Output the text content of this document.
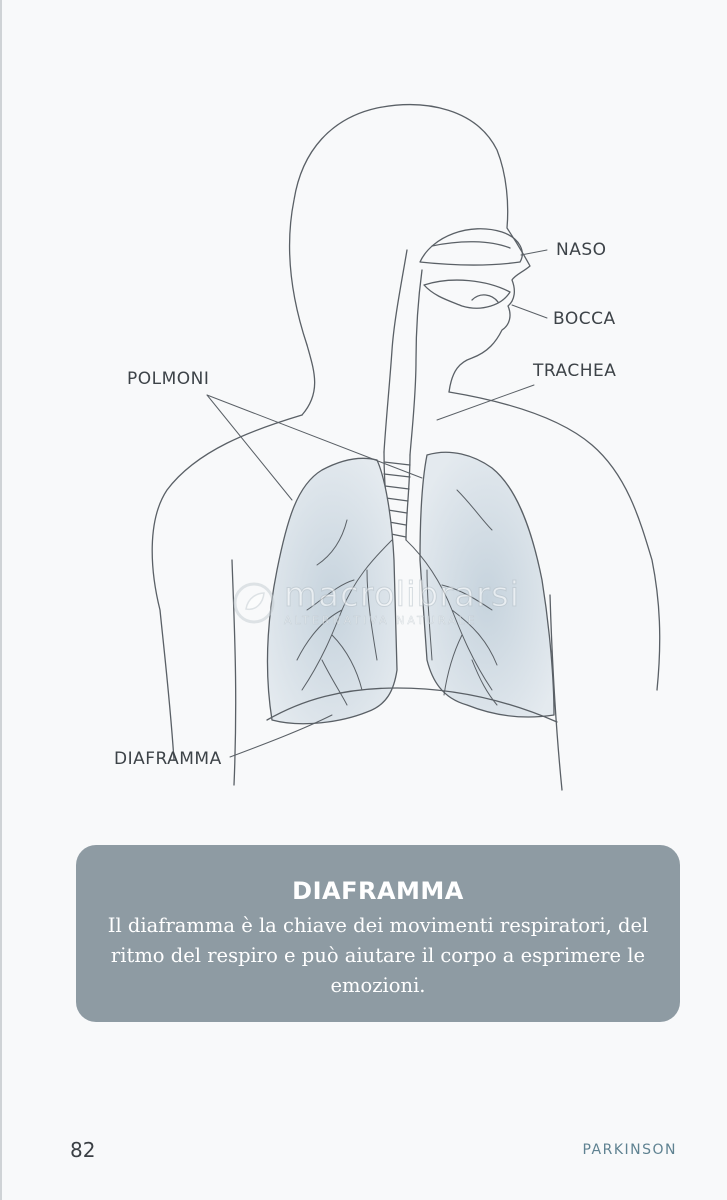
NASO
BOCCA
TRACHEA
POLMONI
DIAFRAMMA
macrolibrarsi
ALTERNATIVA NATURALE
DIAFRAMMA
Il diaframma è la chiave dei movimenti respiratori, del ritmo del respiro e può aiutare il corpo a esprimere le emozioni.
82	PARKINSON
